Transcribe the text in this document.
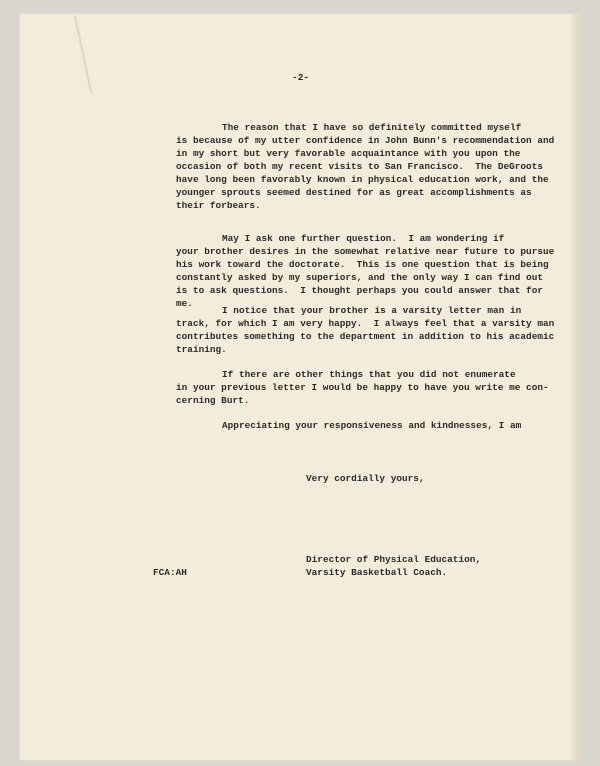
-2-
The reason that I have so definitely committed myself
is because of my utter confidence in John Bunn's recommendation and
in my short but very favorable acquaintance with you upon the
occasion of both my recent visits to San Francisco.  The DeGroots
have long been favorably known in physical education work, and the
younger sprouts seemed destined for as great accomplishments as
their forbears.
May I ask one further question.  I am wondering if
your brother desires in the somewhat relative near future to pursue
his work toward the doctorate.  This is one question that is being
constantly asked by my superiors, and the only way I can find out
is to ask questions.  I thought perhaps you could answer that for
me.
I notice that your brother is a varsity letter man in
track, for which I am very happy.  I always feel that a varsity man
contributes something to the department in addition to his academic
training.
If there are other things that you did not enumerate
in your previous letter I would be happy to have you write me con-
cerning Burt.
Appreciating your responsiveness and kindnesses, I am
Very cordially yours,
Director of Physical Education,
Varsity Basketball Coach.
FCA:AH
